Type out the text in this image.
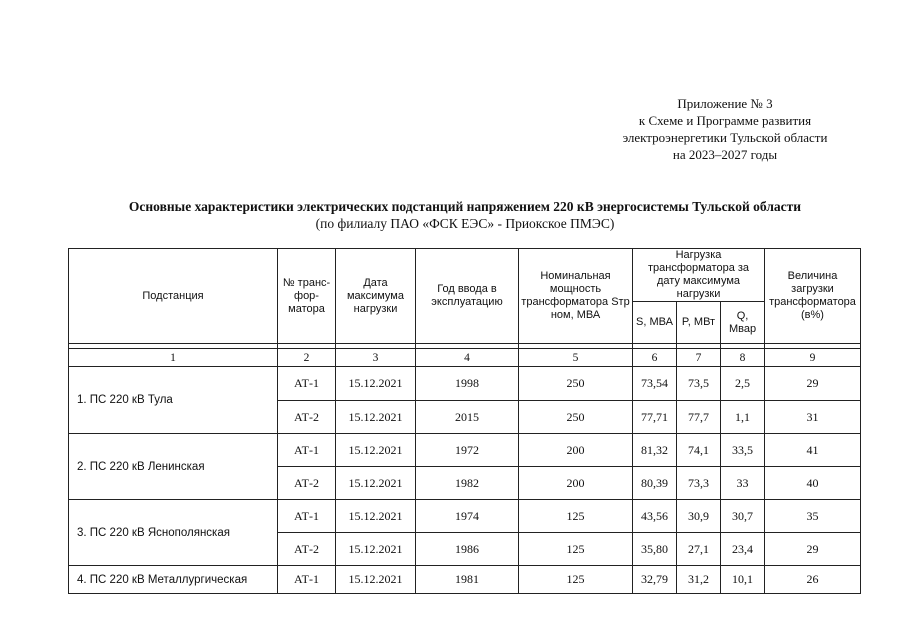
Приложение № 3
к Схеме и Программе развития
электроэнергетики Тульской области
на 2023–2027 годы
Основные характеристики электрических подстанций напряжением 220 кВ энергосистемы Тульской области
(по филиалу ПАО «ФСК ЕЭС» - Приокское ПМЭС)
Подстанция	№ транс-фор-матора	Дата максимума нагрузки	Год ввода в эксплуатацию	Номинальная мощность трансформатора Sтр ном, МВА	Нагрузка трансформатора за дату максимума нагрузки			Величина загрузки трансформатора (в%)
					S, МВА	P, МВт	Q, Мвар	

1	2	3	4	5	6	7	8	9
1. ПС 220 кВ Тула	АТ-1	15.12.2021	1998	250	73,54	73,5	2,5	29
	АТ-2	15.12.2021	2015	250	77,71	77,7	1,1	31
2. ПС 220 кВ Ленинская	АТ-1	15.12.2021	1972	200	81,32	74,1	33,5	41
	АТ-2	15.12.2021	1982	200	80,39	73,3	33	40
3. ПС 220 кВ Яснополянская	АТ-1	15.12.2021	1974	125	43,56	30,9	30,7	35
	АТ-2	15.12.2021	1986	125	35,80	27,1	23,4	29
4. ПС 220 кВ Металлургическая	АТ-1	15.12.2021	1981	125	32,79	31,2	10,1	26
